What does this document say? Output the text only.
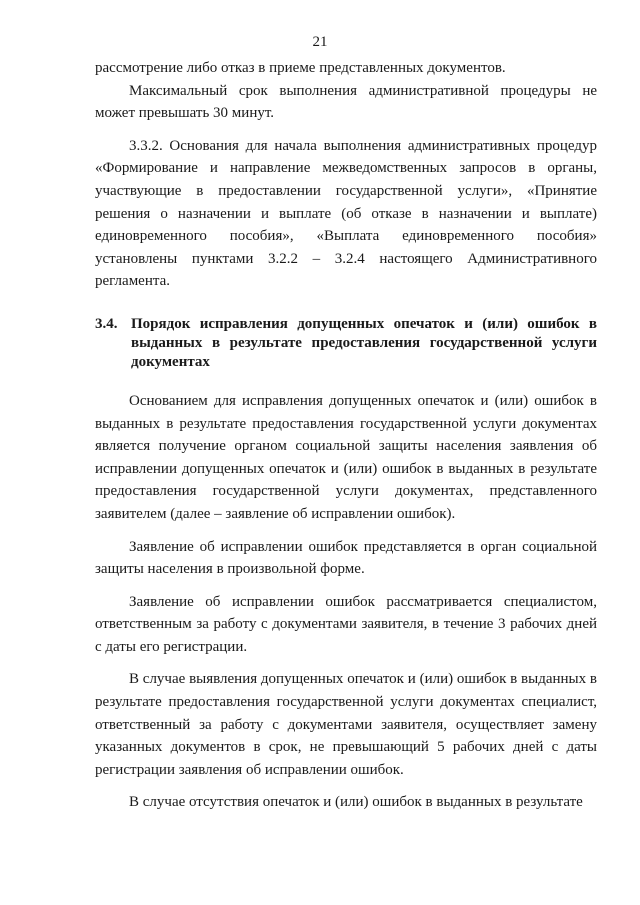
21

рассмотрение либо отказ в приеме представленных документов.

Максимальный срок выполнения административной процедуры не может превышать 30 минут.

3.3.2. Основания для начала выполнения административных процедур «Формирование и направление межведомственных запросов в органы, участвующие в предоставлении государственной услуги», «Принятие решения о назначении и выплате (об отказе в назначении и выплате) единовременного пособия», «Выплата единовременного пособия» установлены пунктами 3.2.2 – 3.2.4 настоящего Административного регламента.

3.4. Порядок исправления допущенных опечаток и (или) ошибок в выданных в результате предоставления государственной услуги документах

Основанием для исправления допущенных опечаток и (или) ошибок в выданных в результате предоставления государственной услуги документах является получение органом социальной защиты населения заявления об исправлении допущенных опечаток и (или) ошибок в выданных в результате предоставления государственной услуги документах, представленного заявителем (далее – заявление об исправлении ошибок).

Заявление об исправлении ошибок представляется в орган социальной защиты населения в произвольной форме.

Заявление об исправлении ошибок рассматривается специалистом, ответственным за работу с документами заявителя, в течение 3 рабочих дней с даты его регистрации.

В случае выявления допущенных опечаток и (или) ошибок в выданных в результате предоставления государственной услуги документах специалист, ответственный за работу с документами заявителя, осуществляет замену указанных документов в срок, не превышающий 5 рабочих дней с даты регистрации заявления об исправлении ошибок.

В случае отсутствия опечаток и (или) ошибок в выданных в результате
